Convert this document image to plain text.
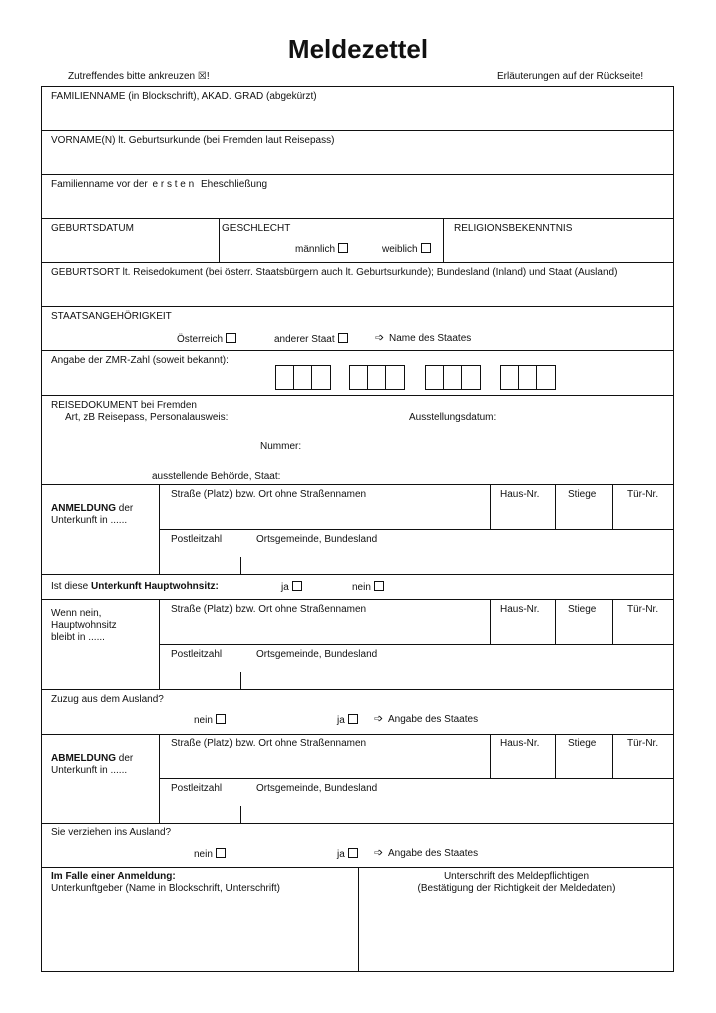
Meldezettel
Zutreffendes bitte ankreuzen ☒!	Erläuterungen auf der Rückseite!
FAMILIENNAME (in Blockschrift), AKAD. GRAD (abgekürzt)
VORNAME(N) lt. Geburtsurkunde (bei Fremden laut Reisepass)
Familienname vor der e r s t e n Eheschließung
GEBURTSDATUM	GESCHLECHT	RELIGIONSBEKENNTNIS
männlich	weiblich
GEBURTSORT lt. Reisedokument (bei österr. Staatsbürgern auch lt. Geburtsurkunde); Bundesland (Inland) und Staat (Ausland)
STAATSANGEHÖRIGKEIT
Österreich	anderer Staat	➩ Name des Staates
Angabe der ZMR-Zahl (soweit bekannt):
REISEDOKUMENT bei Fremden
Art, zB Reisepass, Personalausweis:	Ausstellungsdatum:
Nummer:
ausstellende Behörde, Staat:
ANMELDUNG der
Unterkunft in ......
Straße (Platz) bzw. Ort ohne Straßennamen	Haus-Nr.	Stiege	Tür-Nr.
Postleitzahl	Ortsgemeinde, Bundesland
Ist diese Unterkunft Hauptwohnsitz:	ja	nein
Wenn nein,
Hauptwohnsitz
bleibt in ......
Straße (Platz) bzw. Ort ohne Straßennamen	Haus-Nr.	Stiege	Tür-Nr.
Postleitzahl	Ortsgemeinde, Bundesland
Zuzug aus dem Ausland?
nein	ja	➩ Angabe des Staates
ABMELDUNG der
Unterkunft in ......
Straße (Platz) bzw. Ort ohne Straßennamen	Haus-Nr.	Stiege	Tür-Nr.
Postleitzahl	Ortsgemeinde, Bundesland
Sie verziehen ins Ausland?
nein	ja	➩ Angabe des Staates
Im Falle einer Anmeldung:
Unterkunftgeber (Name in Blockschrift, Unterschrift)
Unterschrift des Meldepflichtigen
(Bestätigung der Richtigkeit der Meldedaten)
